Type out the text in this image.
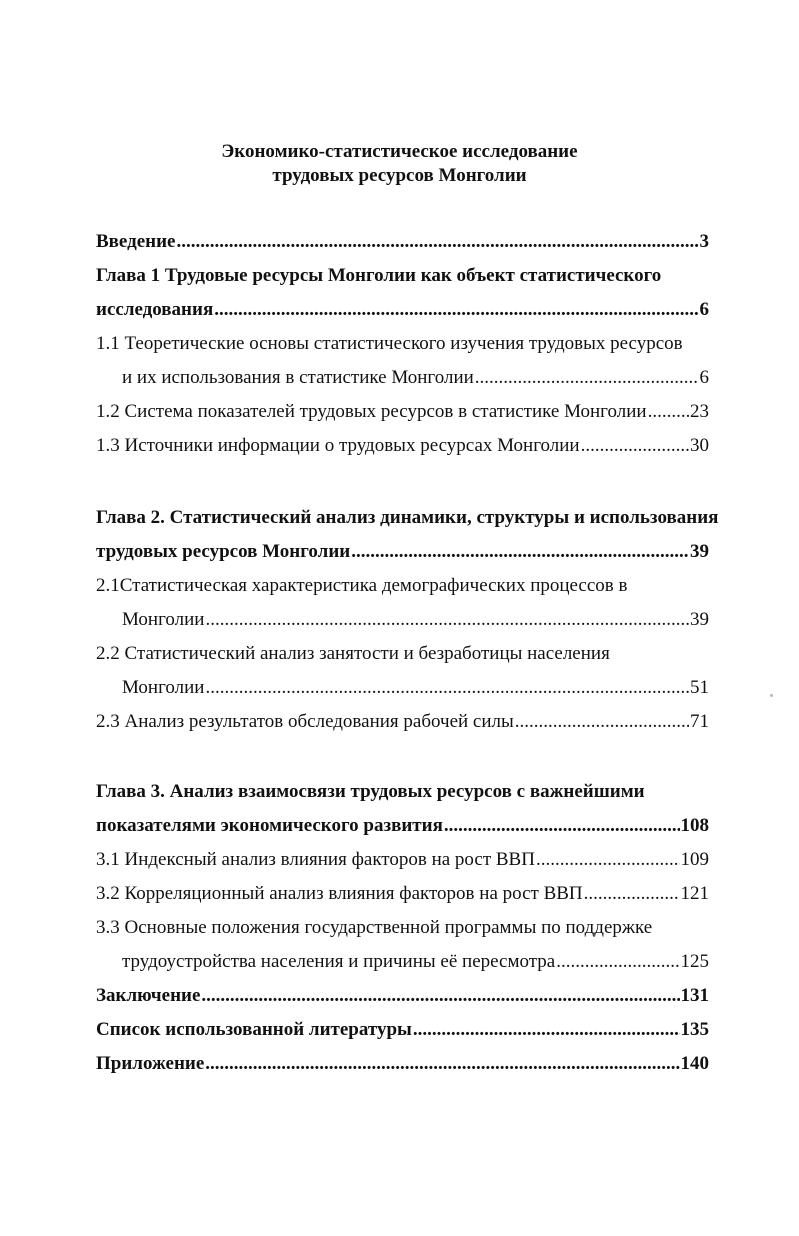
Экономико-статистическое исследование
трудовых ресурсов Монголии
Введение .....	3
Глава 1 Трудовые ресурсы Монголии как объект статистического
исследования .....	6
1.1 Теоретические основы статистического изучения трудовых ресурсов
и их использования в статистике Монголии .....	6
1.2 Система показателей трудовых ресурсов в статистике Монголии ..... 23
1.3 Источники информации о трудовых ресурсах Монголии .....	30
Глава 2. Статистический анализ динамики, структуры и использования
трудовых ресурсов Монголии .....	39
2.1Статистическая характеристика демографических процессов в
Монголии .....	39
2.2 Статистический анализ занятости и безработицы населения
Монголии .....	51
2.3 Анализ результатов обследования рабочей силы .....	71
Глава 3. Анализ взаимосвязи трудовых ресурсов с важнейшими
показателями экономического развития .....	108
3.1 Индексный анализ влияния факторов на рост ВВП .....	109
3.2 Корреляционный анализ влияния факторов на рост ВВП .....	121
3.3 Основные положения государственной программы по поддержке
трудоустройства населения и причины её пересмотра .....	125
Заключение .....	131
Список использованной литературы .....	135
Приложение .....	140
